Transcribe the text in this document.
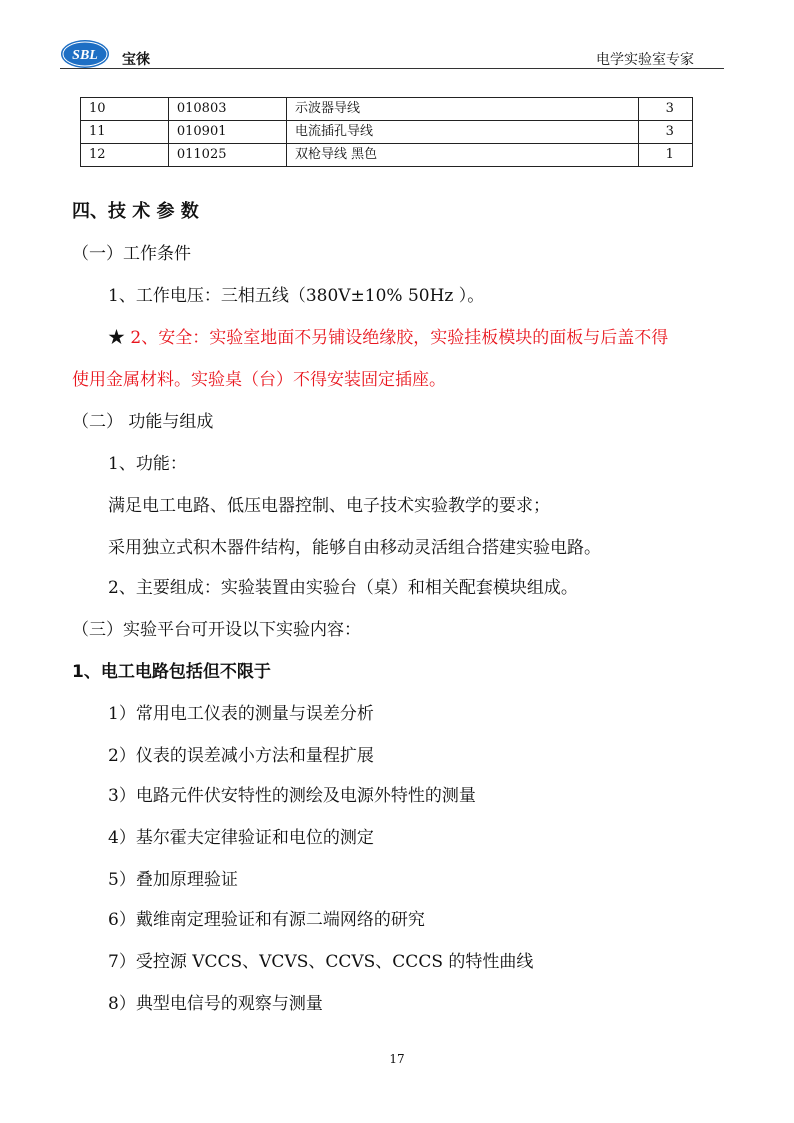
SBL 宝徕	电学实验室专家
10	010803	示波器导线	3
11	010901	电流插孔导线	3
12	011025	双枪导线 黑色	1
四、技 术 参 数
（一）工作条件
1、工作电压：三相五线（380V±10% 50Hz ）。
★ 2、安全：实验室地面不另铺设绝缘胶，实验挂板模块的面板与后盖不得
使用金属材料。实验桌（台）不得安装固定插座。
（二） 功能与组成
1、功能：
满足电工电路、低压电器控制、电子技术实验教学的要求；
采用独立式积木器件结构，能够自由移动灵活组合搭建实验电路。
2、主要组成：实验装置由实验台（桌）和相关配套模块组成。
（三）实验平台可开设以下实验内容：
1、电工电路包括但不限于
1）常用电工仪表的测量与误差分析
2）仪表的误差减小方法和量程扩展
3）电路元件伏安特性的测绘及电源外特性的测量
4）基尔霍夫定律验证和电位的测定
5）叠加原理验证
6）戴维南定理验证和有源二端网络的研究
7）受控源 VCCS、VCVS、CCVS、CCCS 的特性曲线
8）典型电信号的观察与测量
17
